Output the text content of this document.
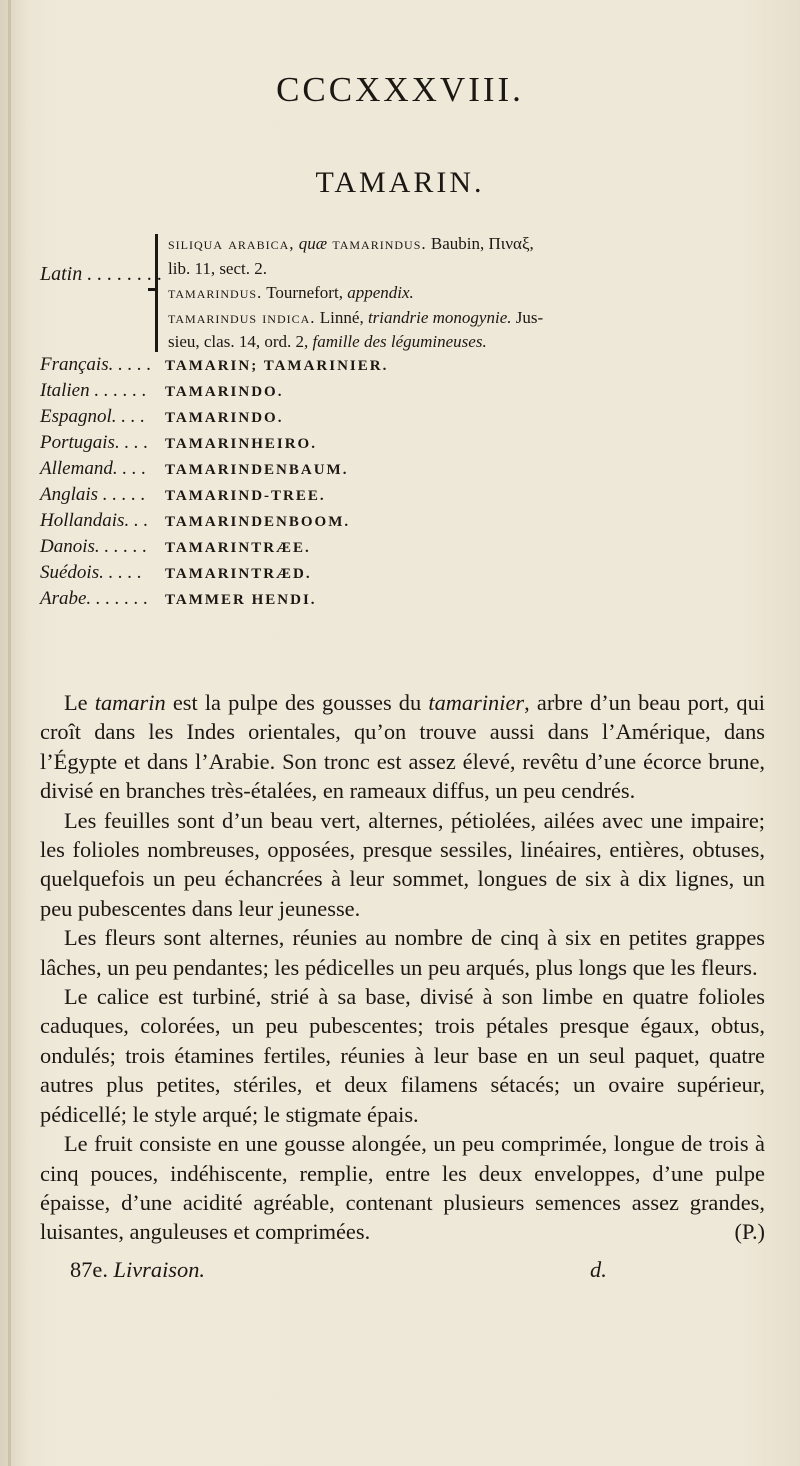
CCCXXXVIII.
TAMARIN.
Latin . . . . . . . .
siliqua arabica, quæ tamarindus. Baubin, Πιναξ,
lib. 11, sect. 2.
tamarindus. Tournefort, appendix.
tamarindus indica. Linné, triandrie monogynie. Jus-
sieu, clas. 14, ord. 2, famille des légumineuses.
Français. . . . . TAMARIN; TAMARINIER.
Italien . . . . . .	TAMARINDO.
Espagnol. . . .	TAMARINDO.
Portugais. . . .	TAMARINHEIRO.
Allemand. . . .	TAMARINDENBAUM.
Anglais . . . . .	TAMARIND-TREE.
Hollandais. . .	TAMARINDENBOOM.
Danois. . . . . .	TAMARINTRÆE.
Suédois. . . . .	TAMARINTRÆD.
Arabe. . . . . . .	TAMMER HENDI.

Le tamarin est la pulpe des gousses du tamarinier, arbre d’un beau port, qui croît dans les Indes orientales, qu’on trouve aussi dans l’Amérique, dans l’Égypte et dans l’Arabie. Son tronc est assez élevé, revêtu d’une écorce brune, divisé en branches très-étalées, en rameaux diffus, un peu cendrés.

Les feuilles sont d’un beau vert, alternes, pétiolées, ailées avec une impaire; les folioles nombreuses, opposées, presque sessiles, linéaires, entières, obtuses, quelquefois un peu échancrées à leur sommet, longues de six à dix lignes, un peu pubescentes dans leur jeunesse.

Les fleurs sont alternes, réunies au nombre de cinq à six en petites grappes lâches, un peu pendantes; les pédicelles un peu arqués, plus longs que les fleurs.

Le calice est turbiné, strié à sa base, divisé à son limbe en quatre folioles caduques, colorées, un peu pubescentes; trois pétales presque égaux, obtus, ondulés; trois étamines fertiles, réunies à leur base en un seul paquet, quatre autres plus petites, stériles, et deux filamens sétacés; un ovaire supérieur, pédicellé; le style arqué; le stigmate épais.

Le fruit consiste en une gousse alongée, un peu comprimée, longue de trois à cinq pouces, indéhiscente, remplie, entre les deux enveloppes, d’une pulpe épaisse, d’une acidité agréable, contenant plusieurs semences assez grandes, luisantes, anguleuses et comprimées.	(P.)

87e. Livraison.	d.
